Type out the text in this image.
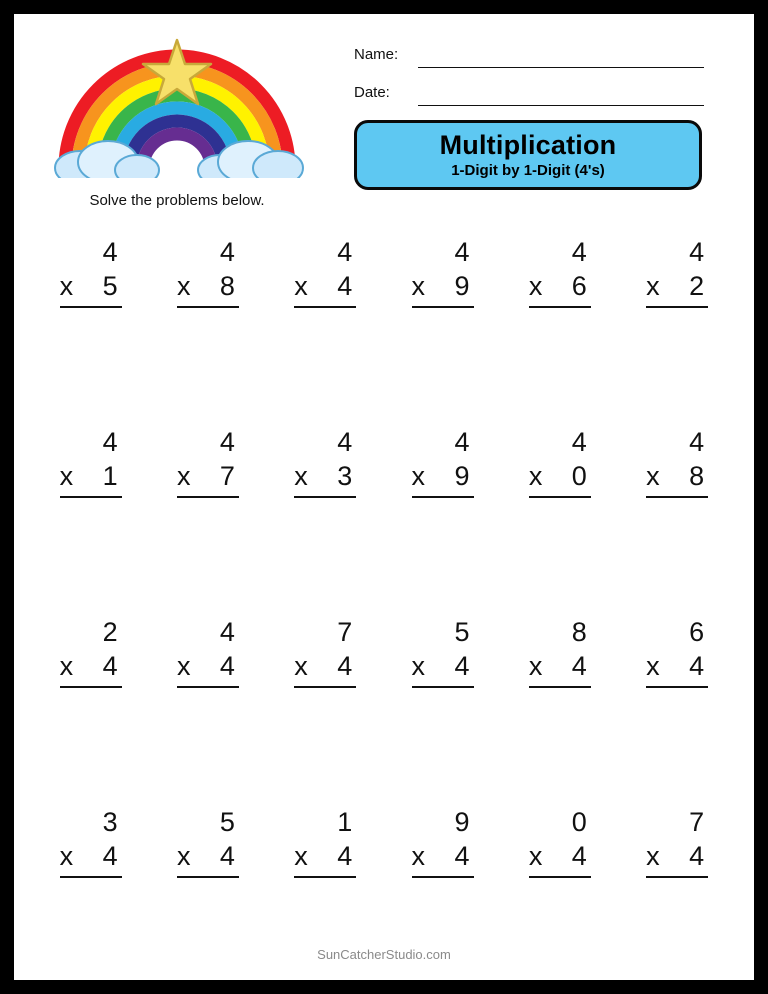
Solve the problems below.
Name:
Date:
Multiplication
1-Digit by 1-Digit (4's)
4
x 5
4
x 8
4
x 4
4
x 9
4
x 6
4
x 2
4
x 1
4
x 7
4
x 3
4
x 9
4
x 0
4
x 8
2
x 4
4
x 4
7
x 4
5
x 4
8
x 4
6
x 4
3
x 4
5
x 4
1
x 4
9
x 4
0
x 4
7
x 4
SunCatcherStudio.com
